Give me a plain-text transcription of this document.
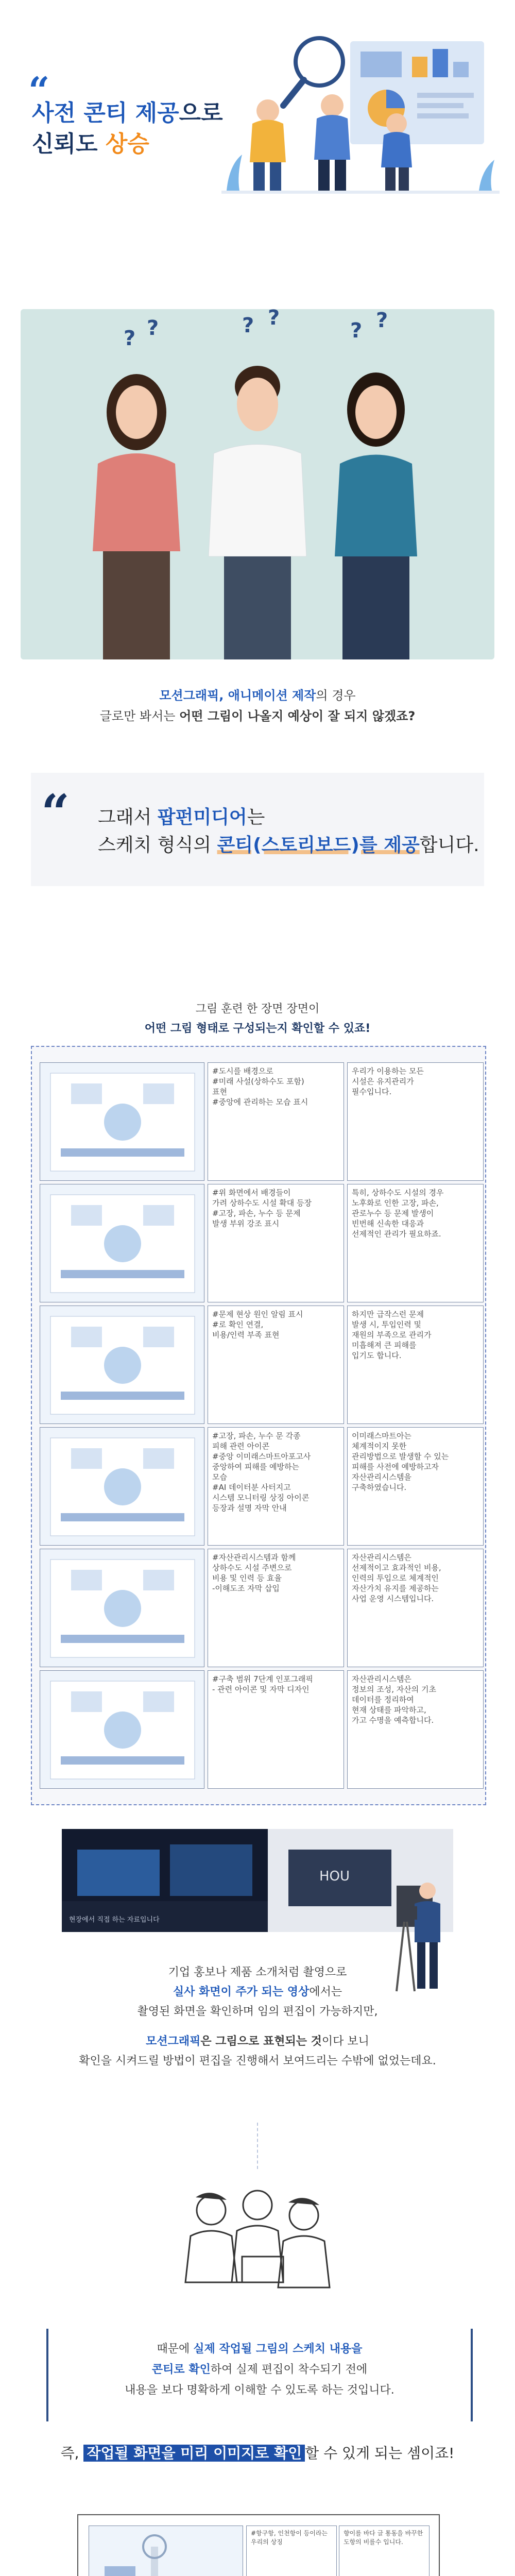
“
사전 콘티 제공으로
신뢰도 상승
? ?	? ?
? ?
모션그래픽, 애니메이션 제작의 경우
글로만 봐서는 어떤 그림이 나올지 예상이 잘 되지 않겠죠?
“ 그래서 팝펀미디어는
스케치 형식의 콘티(스토리보드)를 제공합니다.
그림 훈련 한 장면 장면이
어떤 그림 형태로 구성되는지 확인할 수 있죠!
#도시를 배경으로
#미래 사설(상하수도 포함)
표현
#중앙에 관리하는 모습 표시
우리가 이용하는 모든
시설은 유지관리가
필수입니다.
#위 화면에서 배경들이
가려 상하수도 시설 확대 등장
#고장, 파손, 누수 등 문제
발생 부위 강조 표시
특히, 상하수도 시설의 경우
노후화로 인한 고장, 파손,
관로누수 등 문제 발생이
빈번해 신속한 대응과
선제적인 관리가 필요하죠.
#문제 현상 원인 알림 표시
#로 확인 연결,
비용/인력 부족 표현
하지만 급작스런 문제
발생 시, 투입인력 및
재원의 부족으로 관리가
미흡해져 큰 피해를
입기도 합니다.
#고장, 파손, 누수 문 각종
피해 관련 아이콘
#중앙 이미래스마트아포고사
중앙하여 피해를 예방하는
모습
#AI 데이터분 사터지고
시스템 모니터링 상징 아이콘
등장과 설명 자막 안내
이미래스마트아는
체계적이지 못한
관리방법으로 발생할 수 있는
피해를 사전에 예방하고자
자산관리시스템을
구축하였습니다.
#자산관리시스템과 함께
상하수도 시설 주변으로
비용 및 인력 등 효율
-이해도조 자막 삽입
자산관리시스템은
선제적이고 효과적인 비용,
인력의 투입으로 체계적인
자산가치 유지를 제공하는
사업 운영 시스템입니다.
#구축 범위 7단계 인포그래픽
- 관련 아이콘 및 자막 디자인
자산관리시스템은
정보의 조성, 자산의 기초
데이터를 정리하여
현재 상태를 파악하고,
가고 수명을 예측합니다.
HOU
현장에서 직접 하는 자료입니다
기업 홍보나 제품 소개처럼 촬영으로
실사 화면이 주가 되는 영상에서는
촬영된 화면을 확인하며 임의 편집이 가능하지만,
모션그래픽은 그림으로 표현되는 것이다 보니
확인을 시켜드릴 방법이 편집을 진행해서 보여드리는 수밖에 없었는데요.
때문에 실제 작업될 그림의 스케치 내용을
콘티로 확인하여 실제 편집이 착수되기 전에
내용을 보다 명확하게 이해할 수 있도록 하는 것입니다.
즉, 작업될 화면을 미리 이미지로 확인 할 수 있게 되는 셈이죠!
#항구항, 인천항이 등이라는
우리의 상징
향이를 바다 글 통동을 바꾸한
도항의 비를수 입니다.
